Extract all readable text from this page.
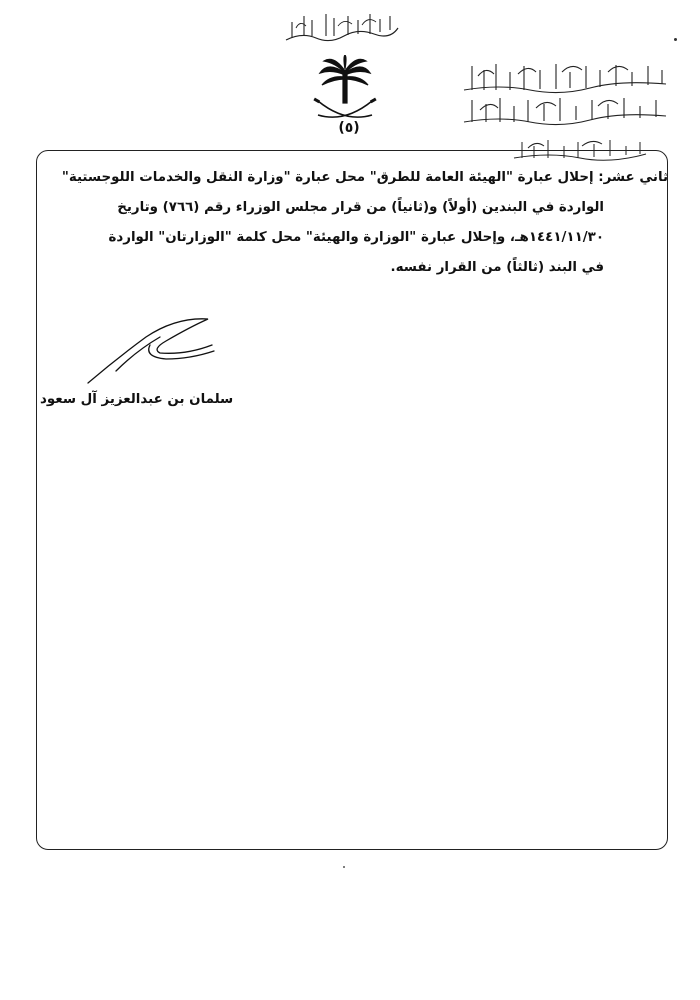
(٥)
ثاني عشر: إحلال عبارة "الهيئة العامة للطرق" محل عبارة "وزارة النقل والخدمات اللوجستية"
الواردة في البندين (أولاً) و(ثانياً) من قرار مجلس الوزراء رقم (٧٦٦) وتاريخ
١٤٤١/١١/٣٠هـ، وإحلال عبارة "الوزارة والهيئة" محل كلمة "الوزارتان" الواردة
في البند (ثالثاً) من القرار نفسه.
سلمان بن عبدالعزيز آل سعود
